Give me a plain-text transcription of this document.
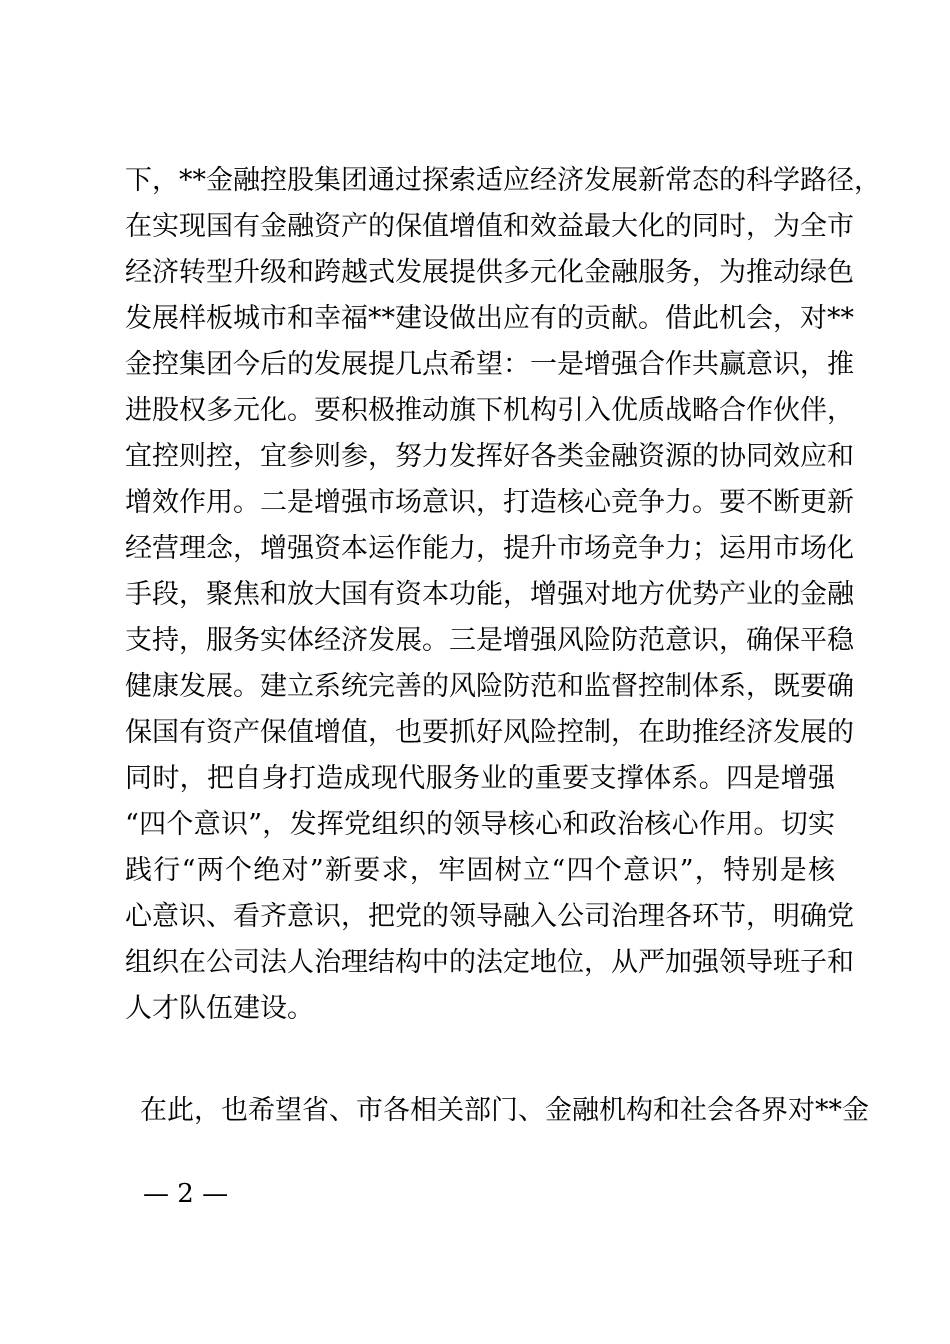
下，**金融控股集团通过探索适应经济发展新常态的科学路径，
在实现国有金融资产的保值增值和效益最大化的同时，为全市
经济转型升级和跨越式发展提供多元化金融服务，为推动绿色
发展样板城市和幸福**建设做出应有的贡献。借此机会，对**
金控集团今后的发展提几点希望：一是增强合作共赢意识，推
进股权多元化。要积极推动旗下机构引入优质战略合作伙伴，
宜控则控，宜参则参，努力发挥好各类金融资源的协同效应和
增效作用。二是增强市场意识，打造核心竞争力。要不断更新
经营理念，增强资本运作能力，提升市场竞争力；运用市场化
手段，聚焦和放大国有资本功能，增强对地方优势产业的金融
支持，服务实体经济发展。三是增强风险防范意识，确保平稳
健康发展。建立系统完善的风险防范和监督控制体系，既要确
保国有资产保值增值，也要抓好风险控制，在助推经济发展的
同时，把自身打造成现代服务业的重要支撑体系。四是增强
“四个意识”，发挥党组织的领导核心和政治核心作用。切实
践行“两个绝对”新要求，牢固树立“四个意识”，特别是核
心意识、看齐意识，把党的领导融入公司治理各环节，明确党
组织在公司法人治理结构中的法定地位，从严加强领导班子和
人才队伍建设。
在此，也希望省、市各相关部门、金融机构和社会各界对**金
— 2 —
